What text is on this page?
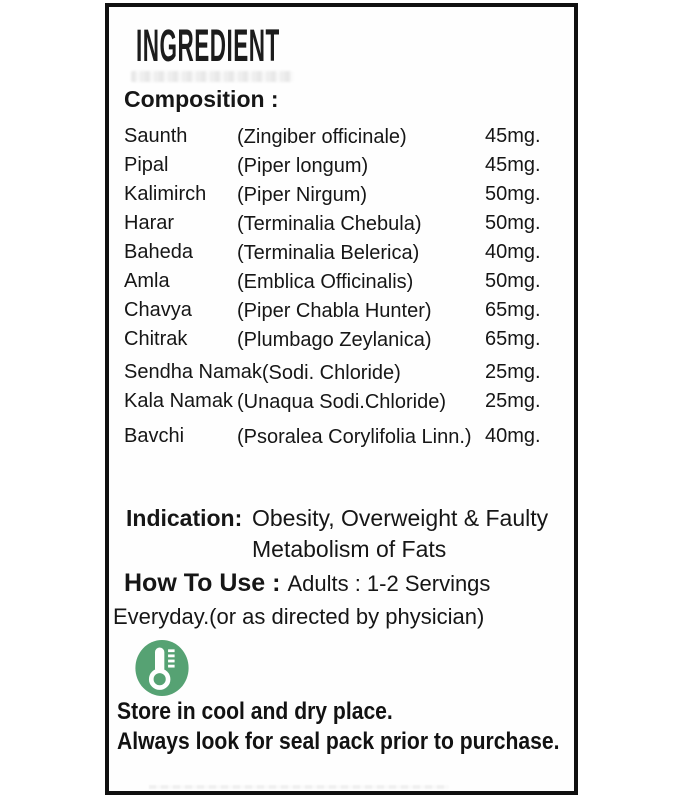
INGREDIENT
Composition :
Saunth (Zingiber officinale)	45mg.
Pipal	(Piper longum)	45mg.
Kalimirch (Piper Nirgum)	50mg.
Harar	(Terminalia Chebula)	50mg.
Baheda (Terminalia Belerica)	40mg.
Amla	(Emblica Officinalis)	50mg.
Chavya (Piper Chabla Hunter)	65mg.
Chitrak (Plumbago Zeylanica)	65mg.
Sendha Namak(Sodi. Chloride)	25mg.
Kala Namak (Unaqua Sodi.Chloride) 25mg.
Bavchi	(Psoralea Corylifolia Linn.) 40mg.
Indication: Obesity, Overweight & Faulty
Metabolism of Fats
How To Use : Adults : 1-2 Servings
Everyday.(or as directed by physician)
Store in cool and dry place.
Always look for seal pack prior to purchase.
